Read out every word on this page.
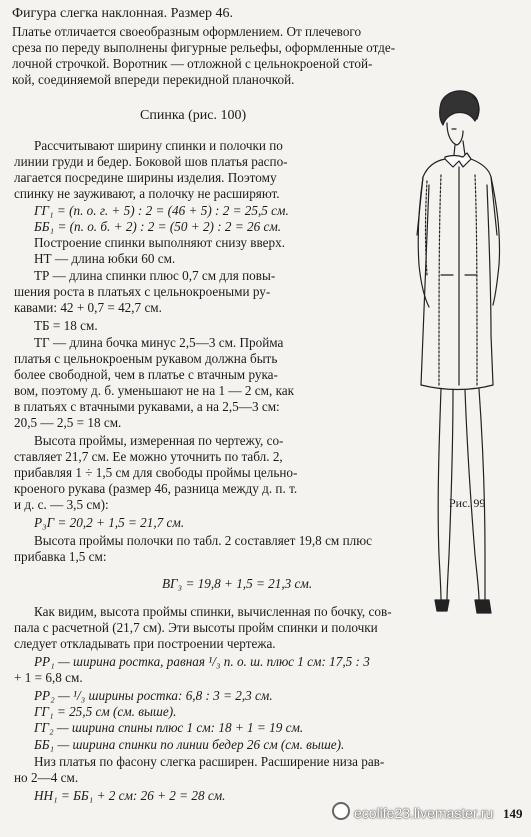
Фигура слегка наклонная. Размер 46.
Платье отличается своеобразным оформлением. От плечевого
среза по переду выполнены фигурные рельефы, оформленные отде-
лочной строчкой. Воротник — отложной с цельнокроеной стой-
кой, соединяемой впереди перекидной планочкой.
Спинка (рис. 100)
Рассчитывают ширину спинки и полочки по
линии груди и бедер. Боковой шов платья распо-
лагается посредине ширины изделия. Поэтому
спинку не зауживают, а полочку не расширяют.
ГГ₁ = (п. о. г. + 5) : 2 = (46 + 5) : 2 = 25,5 см.
ББ₁ = (п. о. б. + 2) : 2 = (50 + 2) : 2 = 26 см.
Построение спинки выполняют снизу вверх.
НТ — длина юбки 60 см.
ТР — длина спинки плюс 0,7 см для повы-
шения роста в платьях с цельнокроеными ру-
кавами: 42 + 0,7 = 42,7 см.
ТБ = 18 см.
ТГ — длина бочка минус 2,5—3 см. Пройма
платья с цельнокроеным рукавом должна быть
более свободной, чем в платье с втачным рука-
вом, поэтому д. б. уменьшают не на 1 — 2 см, как
в платьях с втачными рукавами, а на 2,5—3 см:
20,5 — 2,5 = 18 см.
Высота проймы, измеренная по чертежу, со-
ставляет 21,7 см. Ее можно уточнить по табл. 2,
прибавляя 1 ÷ 1,5 см для свободы проймы цельно-
кроеного рукава (размер 46, разница между д. п. т.
и д. с. — 3,5 см):
Р₃Г = 20,2 + 1,5 = 21,7 см.
Высота проймы полочки по табл. 2 составляет 19,8 см плюс
прибавка 1,5 см:
ВГ₃ = 19,8 + 1,5 = 21,3 см.
Как видим, высота проймы спинки, вычисленная по бочку, сов-
пала с расчетной (21,7 см). Эти высоты пройм спинки и полочки
следует откладывать при построении чертежа.
РР₁ — ширина ростка, равная ¹/₃ п. о. ш. плюс 1 см: 17,5 : 3
+ 1 = 6,8 см.
РР₂ — ¹/₃ ширины ростка: 6,8 : 3 = 2,3 см.
ГГ₁ = 25,5 см (см. выше).
ГГ₂ — ширина спины плюс 1 см: 18 + 1 = 19 см.
ББ₁ — ширина спинки по линии бедер 26 см (см. выше).
Низ платья по фасону слегка расширен. Расширение низа рав-
но 2—4 см.
НН₁ = ББ₁ + 2 см: 26 + 2 = 28 см.
Рис. 99
ecolife23.livemaster.ru 149
